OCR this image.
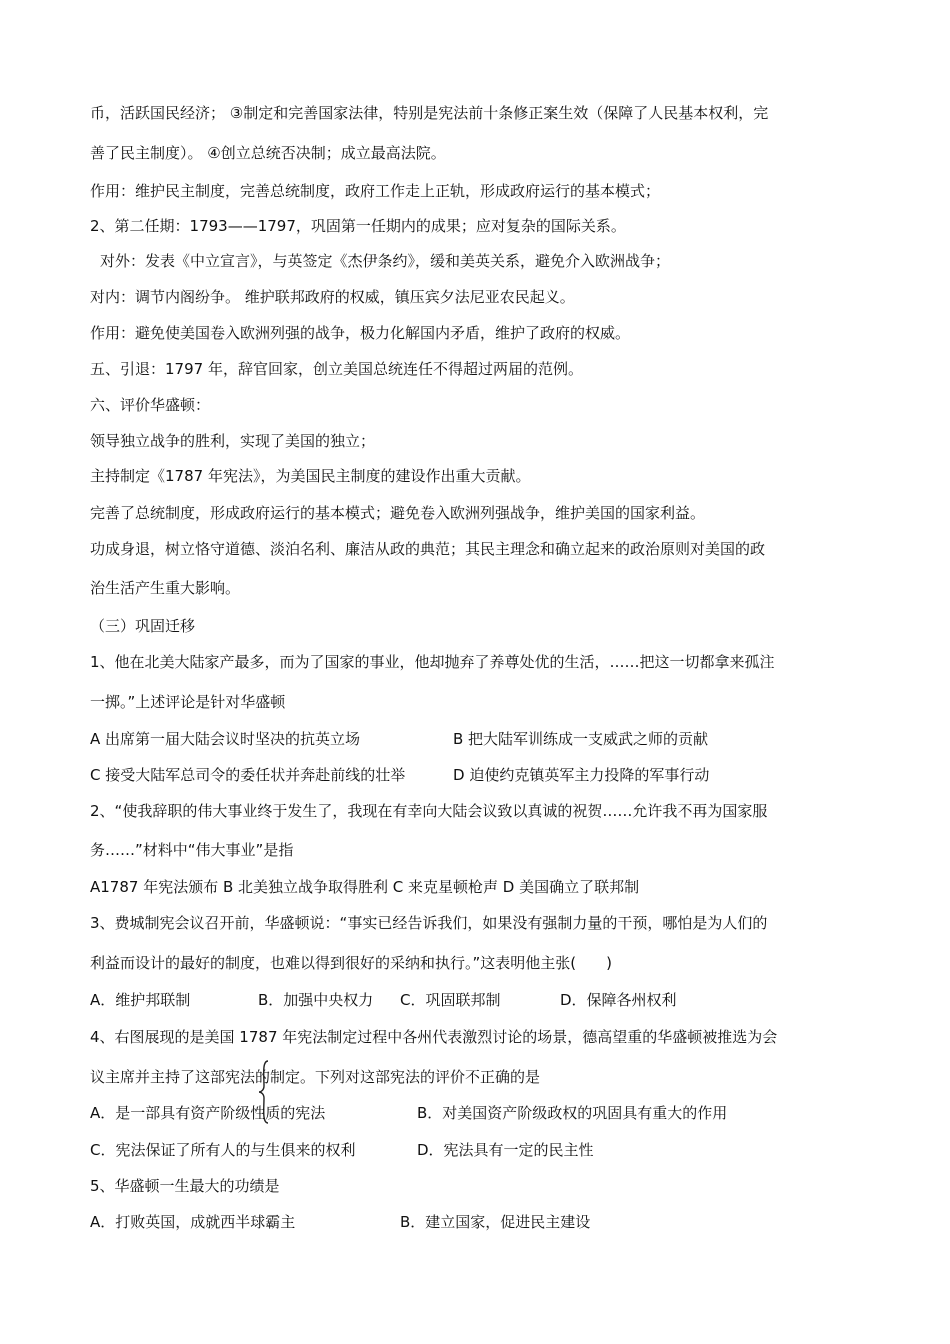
币，活跃国民经济； ③制定和完善国家法律，特别是宪法前十条修正案生效（保障了人民基本权利，完
善了民主制度）。 ④创立总统否决制；成立最高法院。
作用：维护民主制度，完善总统制度，政府工作走上正轨，形成政府运行的基本模式；
2、第二任期：1793——1797，巩固第一任期内的成果；应对复杂的国际关系。
对外：发表《中立宣言》，与英签定《杰伊条约》，缓和美英关系，避免介入欧洲战争；
对内：调节内阁纷争。 维护联邦政府的权威，镇压宾夕法尼亚农民起义。
作用：避免使美国卷入欧洲列强的战争，极力化解国内矛盾，维护了政府的权威。
五、引退：1797 年，辞官回家，创立美国总统连任不得超过两届的范例。
六、评价华盛顿：
领导独立战争的胜利，实现了美国的独立；
主持制定《1787 年宪法》，为美国民主制度的建设作出重大贡献。
完善了总统制度，形成政府运行的基本模式；避免卷入欧洲列强战争，维护美国的国家利益。
功成身退，树立恪守道德、淡泊名利、廉洁从政的典范；其民主理念和确立起来的政治原则对美国的政
治生活产生重大影响。
（三）巩固迁移
1、他在北美大陆家产最多，而为了国家的事业，他却抛弃了养尊处优的生活，……把这一切都拿来孤注
一掷。”上述评论是针对华盛顿
A 出席第一届大陆会议时坚决的抗英立场	B 把大陆军训练成一支威武之师的贡献
C 接受大陆军总司令的委任状并奔赴前线的壮举	D 迫使约克镇英军主力投降的军事行动
2、“使我辞职的伟大事业终于发生了，我现在有幸向大陆会议致以真诚的祝贺……允许我不再为国家服
务……”材料中“伟大事业”是指
A1787 年宪法颁布 B 北美独立战争取得胜利 C 来克星顿枪声 D 美国确立了联邦制
3、费城制宪会议召开前，华盛顿说：“事实已经告诉我们，如果没有强制力量的干预，哪怕是为人们的
利益而设计的最好的制度，也难以得到很好的采纳和执行。”这表明他主张(　　)
A．维护邦联制	B．加强中央权力 C．巩固联邦制	D．保障各州权利
4、右图展现的是美国 1787 年宪法制定过程中各州代表激烈讨论的场景，德高望重的华盛顿被推选为会
议主席并主持了这部宪法的制定。下列对这部宪法的评价不正确的是
A．是一部具有资产阶级性质的宪法	B．对美国资产阶级政权的巩固具有重大的作用
C．宪法保证了所有人的与生俱来的权利	D．宪法具有一定的民主性
5、华盛顿一生最大的功绩是
A．打败英国，成就西半球霸主	B．建立国家，促进民主建设
